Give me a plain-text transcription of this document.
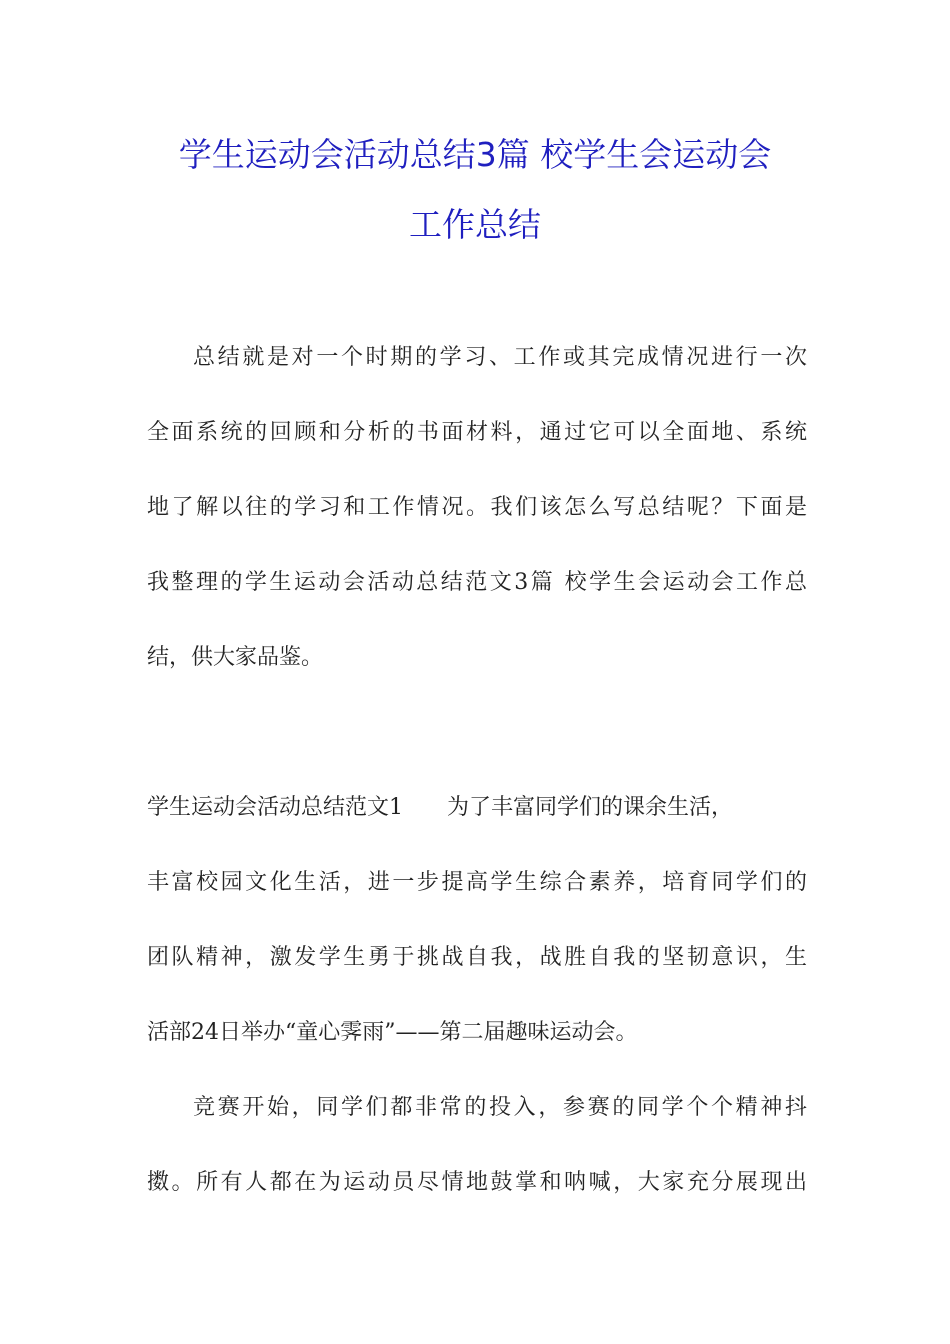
学生运动会活动总结3篇 校学生会运动会
工作总结
总结就是对一个时期的学习、工作或其完成情况进行一次
全面系统的回顾和分析的书面材料，通过它可以全面地、系统
地了解以往的学习和工作情况。我们该怎么写总结呢？下面是
我整理的学生运动会活动总结范文3篇 校学生会运动会工作总
结，供大家品鉴。
学生运动会活动总结范文1 为了丰富同学们的课余生活，
丰富校园文化生活，进一步提高学生综合素养，培育同学们的
团队精神，激发学生勇于挑战自我，战胜自我的坚韧意识，生
活部24日举办“童心霁雨”——第二届趣味运动会。
竞赛开始，同学们都非常的投入，参赛的同学个个精神抖
擞。所有人都在为运动员尽情地鼓掌和呐喊，大家充分展现出
